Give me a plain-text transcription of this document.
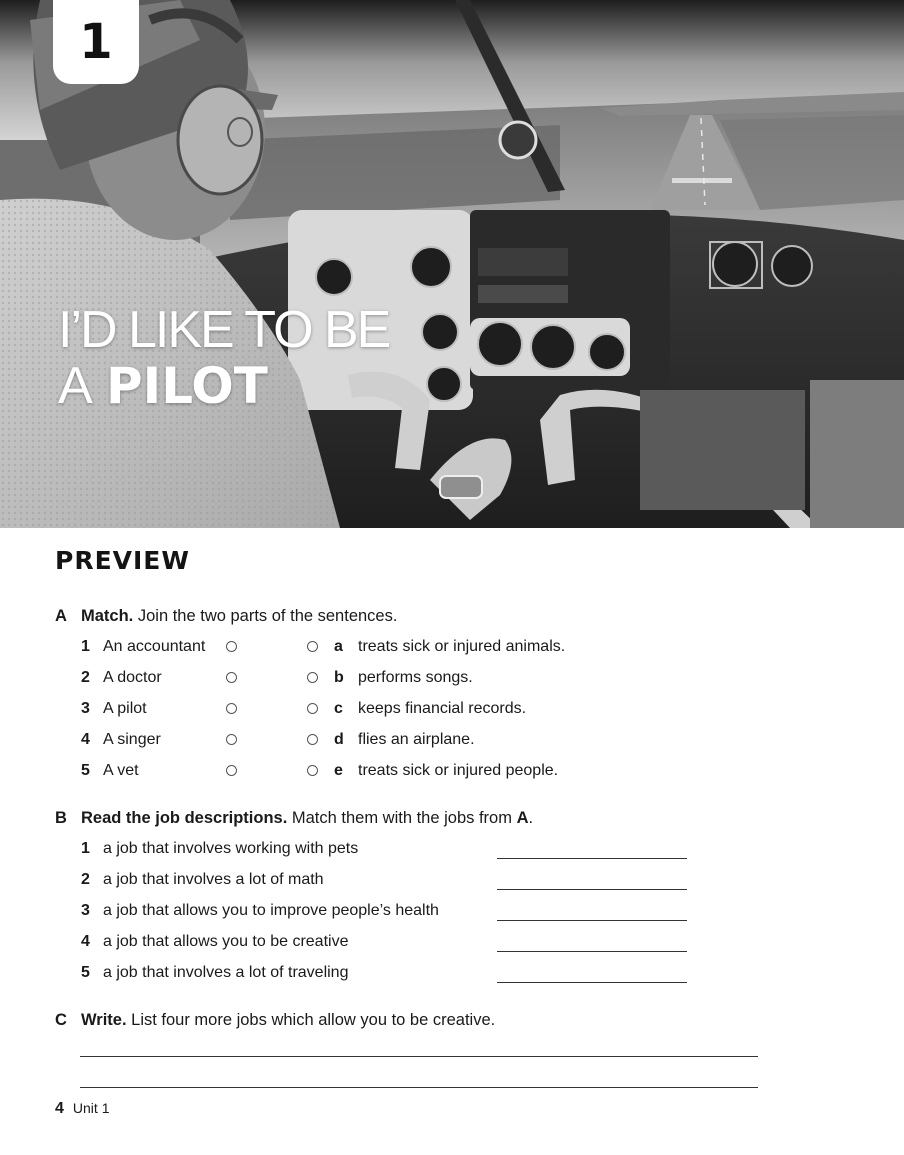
1
I’D LIKE TO BE
A PILOT
PREVIEW
A Match. Join the two parts of the sentences.
1 An accountant	a treats sick or injured animals.
2 A doctor	b performs songs.
3 A pilot	c keeps financial records.
4 A singer	d flies an airplane.
5 A vet	e treats sick or injured people.
B Read the job descriptions. Match them with the jobs from A.
1 a job that involves working with pets
2 a job that involves a lot of math
3 a job that allows you to improve people’s health
4 a job that allows you to be creative
5 a job that involves a lot of traveling
C Write. List four more jobs which allow you to be creative.
4 Unit 1
